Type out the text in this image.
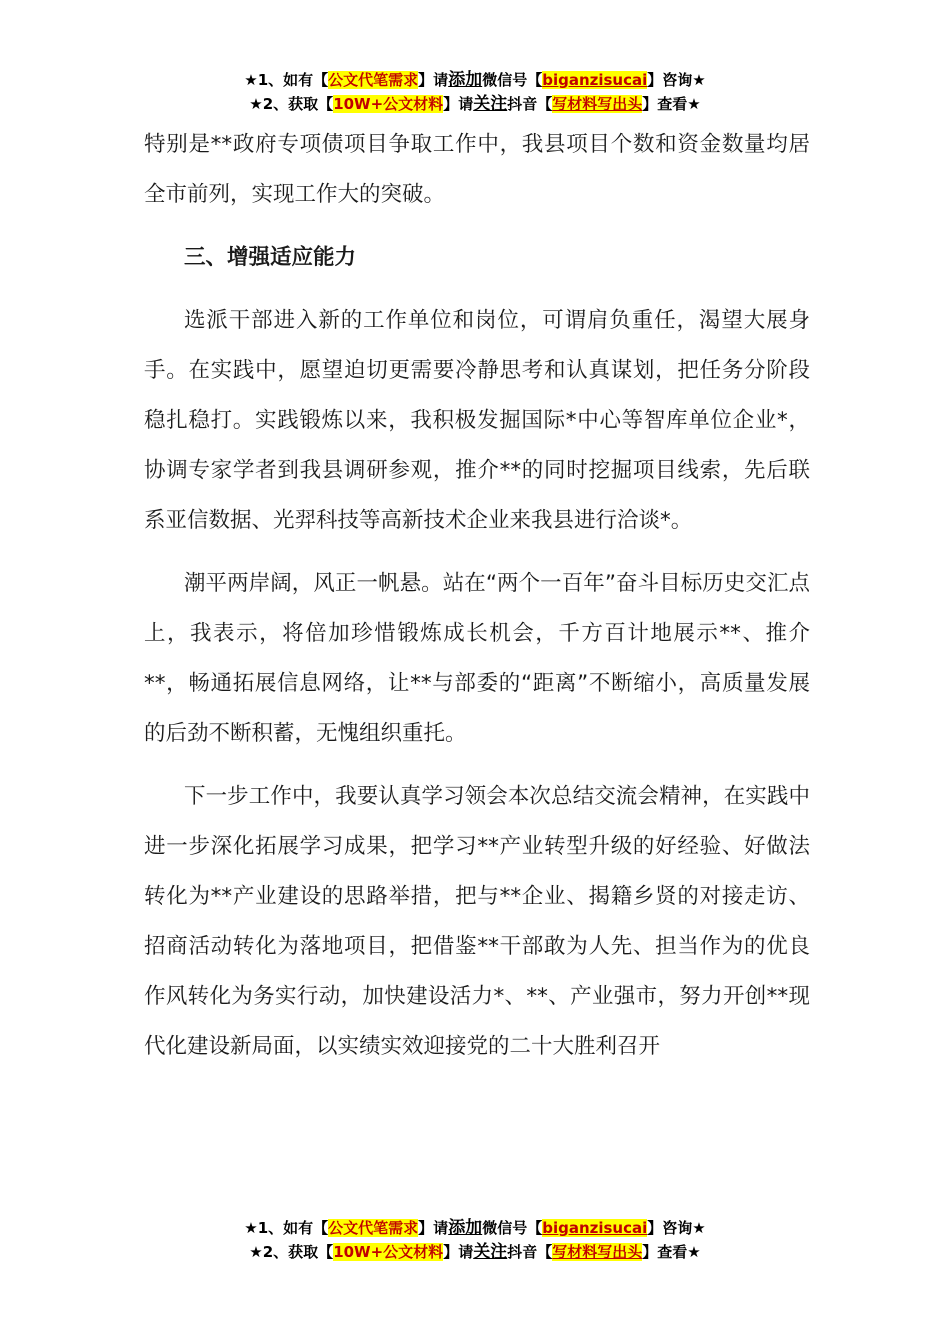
★1、如有【公文代笔需求】请添加微信号【biganzisucai】咨询★
★2、获取【10W+公文材料】请关注抖音【写材料写出头】查看★

特别是**政府专项债项目争取工作中，我县项目个数和资金数量均居全市前列，实现工作大的突破。

三、增强适应能力

选派干部进入新的工作单位和岗位，可谓肩负重任，渴望大展身手。在实践中，愿望迫切更需要冷静思考和认真谋划，把任务分阶段稳扎稳打。实践锻炼以来，我积极发掘国际*中心等智库单位企业*，协调专家学者到我县调研参观，推介**的同时挖掘项目线索，先后联系亚信数据、光羿科技等高新技术企业来我县进行洽谈*。

潮平两岸阔，风正一帆悬。站在“两个一百年”奋斗目标历史交汇点上，我表示，将倍加珍惜锻炼成长机会，千方百计地展示**、推介**，畅通拓展信息网络，让**与部委的“距离”不断缩小，高质量发展的后劲不断积蓄，无愧组织重托。

下一步工作中，我要认真学习领会本次总结交流会精神，在实践中进一步深化拓展学习成果，把学习**产业转型升级的好经验、好做法转化为**产业建设的思路举措，把与**企业、揭籍乡贤的对接走访、招商活动转化为落地项目，把借鉴**干部敢为人先、担当作为的优良作风转化为务实行动，加快建设活力*、**、产业强市，努力开创**现代化建设新局面，以实绩实效迎接党的二十大胜利召开

★1、如有【公文代笔需求】请添加微信号【biganzisucai】咨询★
★2、获取【10W+公文材料】请关注抖音【写材料写出头】查看★
